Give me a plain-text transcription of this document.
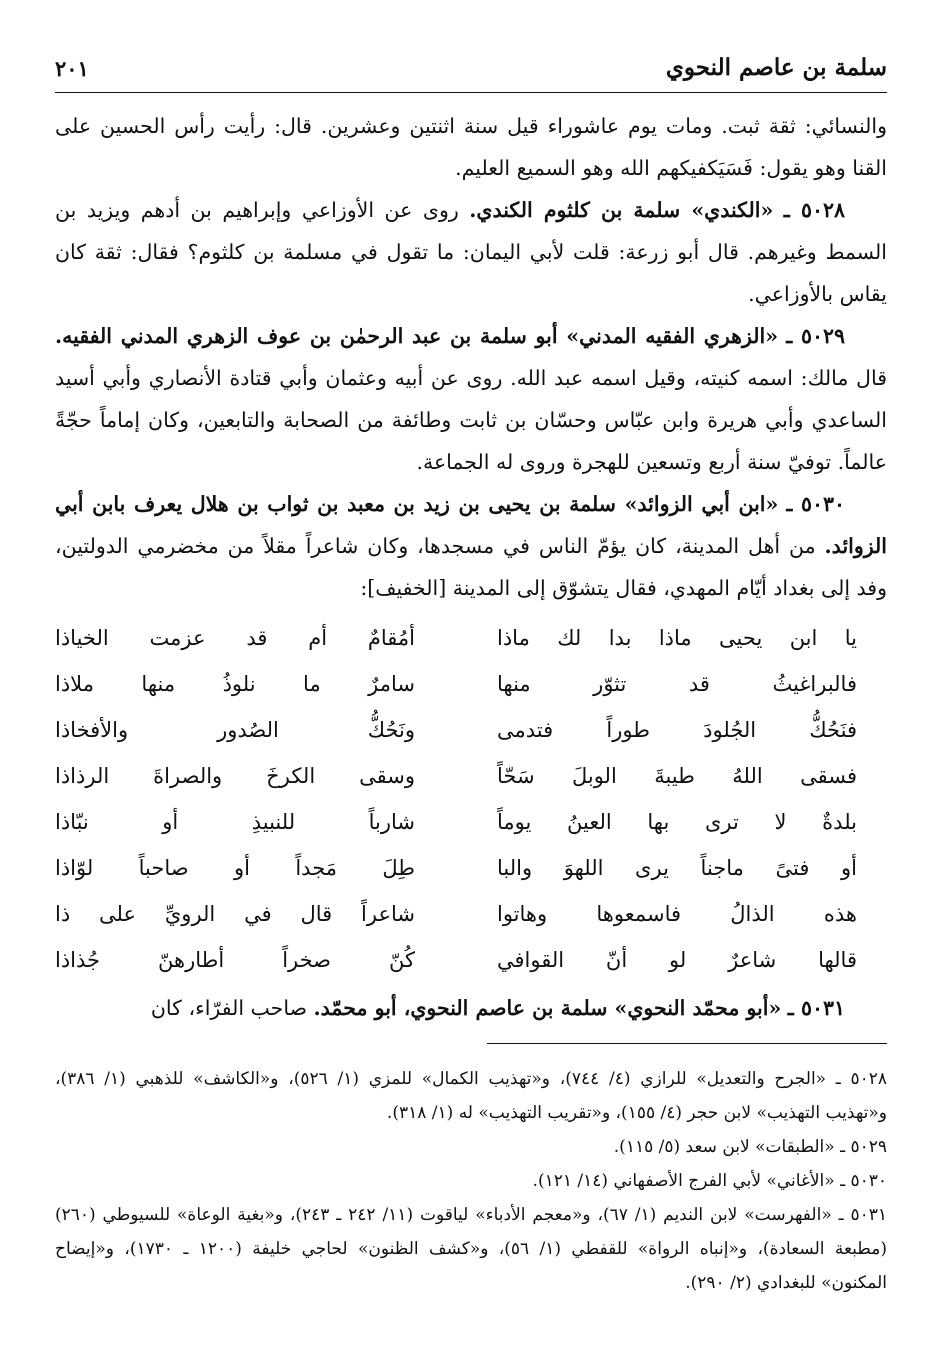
سلمة بن عاصم النحوي
٢٠١

والنسائي: ثقة ثبت. ومات يوم عاشوراء قيل سنة اثنتين وعشرين. قال: رأيت رأس الحسين على القنا وهو يقول: فَسَيَكفيكهم الله وهو السميع العليم.

٥٠٢٨ ـ «الكندي» سلمة بن كلثوم الكندي. روى عن الأوزاعي وإبراهيم بن أدهم ويزيد بن السمط وغيرهم. قال أبو زرعة: قلت لأبي اليمان: ما تقول في مسلمة بن كلثوم؟ فقال: ثقة كان يقاس بالأوزاعي.

٥٠٢٩ ـ «الزهري الفقيه المدني» أبو سلمة بن عبد الرحمٰن بن عوف الزهري المدني الفقيه. قال مالك: اسمه كنيته، وقيل اسمه عبد الله. روى عن أبيه وعثمان وأبي قتادة الأنصاري وأبي أسيد الساعدي وأبي هريرة وابن عبّاس وحسّان بن ثابت وطائفة من الصحابة والتابعين، وكان إماماً حجّةً عالماً. توفيّ سنة أربع وتسعين للهجرة وروى له الجماعة.

٥٠٣٠ ـ «ابن أبي الزوائد» سلمة بن يحيى بن زيد بن معبد بن ثواب بن هلال يعرف بابن أبي الزوائد. من أهل المدينة، كان يؤمّ الناس في مسجدها، وكان شاعراً مقلاً من مخضرمي الدولتين، وفد إلى بغداد أيّام المهدي، فقال يتشوّق إلى المدينة [الخفيف]:

يا ابن يحيى ماذا بدا لك ماذا
أمُقامٌ أم قد عزمت الخياذا
فالبراغيثُ قد تثوّر منها
سامرٌ ما نلوذُ منها ملاذا
فنَحُكُّ الجُلودَ طوراً فتدمى
ونَحُكُّ الصُدور والأفخاذا
فسقى اللهُ طيبةَ الوبلَ سَحّاً
وسقى الكرخَ والصراةَ الرذاذا
بلدةٌ لا ترى بها العينُ يوماً
شارباً للنبيذِ أو نبّاذا
أو فتىً ماجناً يرى اللهوَ والبا
طِلَ مَجداً أو صاحباً لوّاذا
هذه الذالُ فاسمعوها وهاتوا
شاعراً قال في الرويِّ على ذا
قالها شاعرٌ لو أنّ القوافي
كُنّ صخراً أطارهنّ جُذاذا

٥٠٣١ ـ «أبو محمّد النحوي» سلمة بن عاصم النحوي، أبو محمّد. صاحب الفرّاء، كان

٥٠٢٨ ـ «الجرح والتعديل» للرازي (٤/ ٧٤٤)، و«تهذيب الكمال» للمزي (١/ ٥٢٦)، و«الكاشف» للذهبي (١/ ٣٨٦)، و«تهذيب التهذيب» لابن حجر (٤/ ١٥٥)، و«تقريب التهذيب» له (١/ ٣١٨).

٥٠٢٩ ـ «الطبقات» لابن سعد (٥/ ١١٥).

٥٠٣٠ ـ «الأغاني» لأبي الفرج الأصفهاني (١٤/ ١٢١).

٥٠٣١ ـ «الفهرست» لابن النديم (١/ ٦٧)، و«معجم الأدباء» لياقوت (١١/ ٢٤٢ ـ ٢٤٣)، و«بغية الوعاة» للسيوطي (٢٦٠) (مطبعة السعادة)، و«إنباه الرواة» للقفطي (١/ ٥٦)، و«كشف الظنون» لحاجي خليفة (١٢٠٠ ـ ١٧٣٠)، و«إيضاح المكنون» للبغدادي (٢/ ٢٩٠).
